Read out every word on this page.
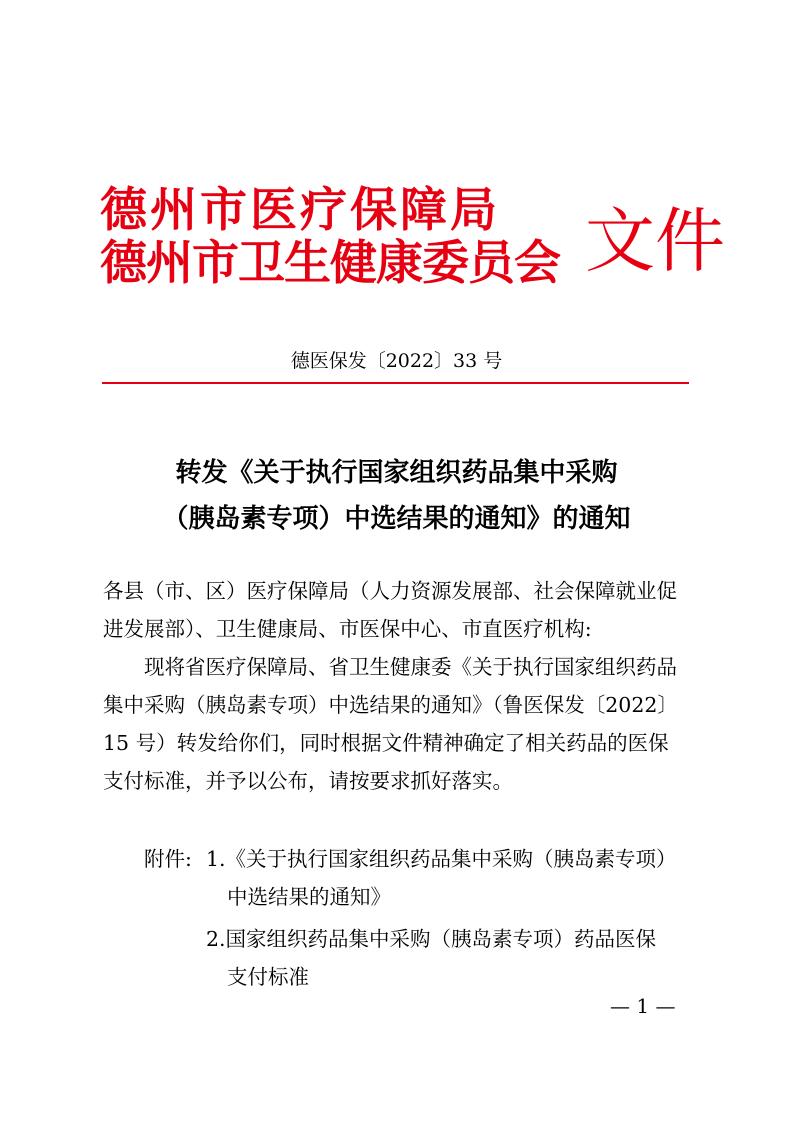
德州市医疗保障局
德州市卫生健康委员会 文件
德医保发〔2022〕33 号
转发《关于执行国家组织药品集中采购
（胰岛素专项）中选结果的通知》的通知
各县（市、区）医疗保障局（人力资源发展部、社会保障就业促
进发展部）、卫生健康局、市医保中心、市直医疗机构:
现将省医疗保障局、省卫生健康委《关于执行国家组织药品
集中采购（胰岛素专项）中选结果的通知》（鲁医保发〔2022〕
15 号）转发给你们，同时根据文件精神确定了相关药品的医保
支付标准，并予以公布，请按要求抓好落实。
附件: 1.《关于执行国家组织药品集中采购（胰岛素专项）
中选结果的通知》
2.国家组织药品集中采购（胰岛素专项）药品医保
支付标准
— 1 —
